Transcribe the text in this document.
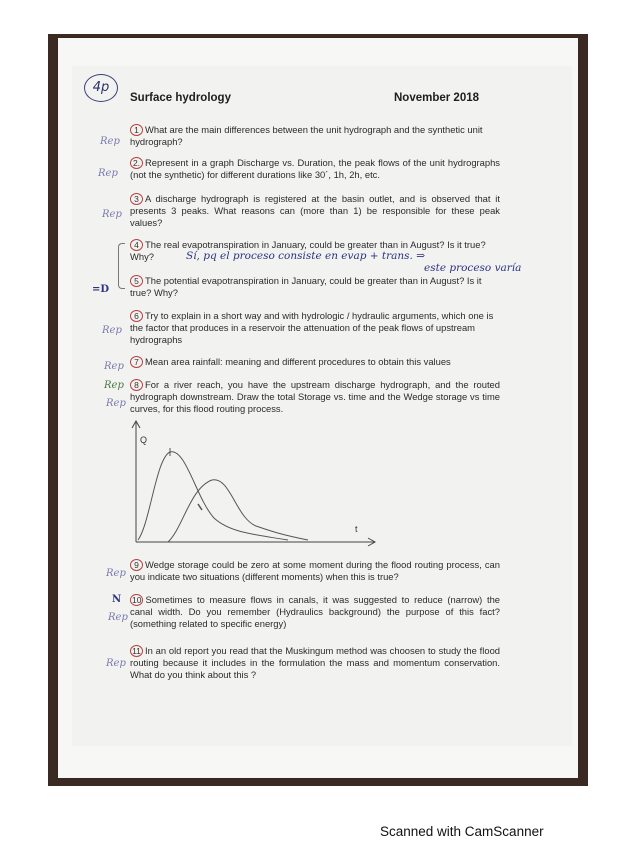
4p
Surface hydrology	November 2018
Rep
Rep
Rep
=D
Rep
Rep
Rep
Rep
Rep
N
Rep
Rep
1 What are the main differences between the unit hydrograph and the synthetic unit hydrograph?
2. Represent in a graph Discharge vs. Duration, the peak flows of the unit hydrographs (not the synthetic) for different durations like 30´, 1h, 2h, etc.
3 A discharge hydrograph is registered at the basin outlet, and is observed that it presents 3 peaks. What reasons can (more than 1) be responsible for these peak values?
4 The real evapotranspiration in January, could be greater than in August? Is it true? Why?	Sí, pq el proceso consiste en evap + trans. ⇒
este proceso varía
5 The potential evapotranspiration in January, could be greater than in August? Is it true? Why?
6 Try to explain in a short way and with hydrologic / hydraulic arguments, which one is the factor that produces in a reservoir the attenuation of the peak flows of upstream hydrographs
7 Mean area rainfall: meaning and different procedures to obtain this values
8 For a river reach, you have the upstream discharge hydrograph, and the routed hydrograph downstream. Draw the total Storage vs. time and the Wedge storage vs time curves, for this flood routing process.
Q
t
9 Wedge storage could be zero at some moment during the flood routing process, can you indicate two situations (different moments) when this is true?
10 Sometimes to measure flows in canals, it was suggested to reduce (narrow) the canal width. Do you remember (Hydraulics background) the purpose of this fact? (something related to specific energy)
11 In an old report you read that the Muskingum method was choosen to study the flood routing because it includes in the formulation the mass and momentum conservation. What do you think about this ?
Scanned with CamScanner
